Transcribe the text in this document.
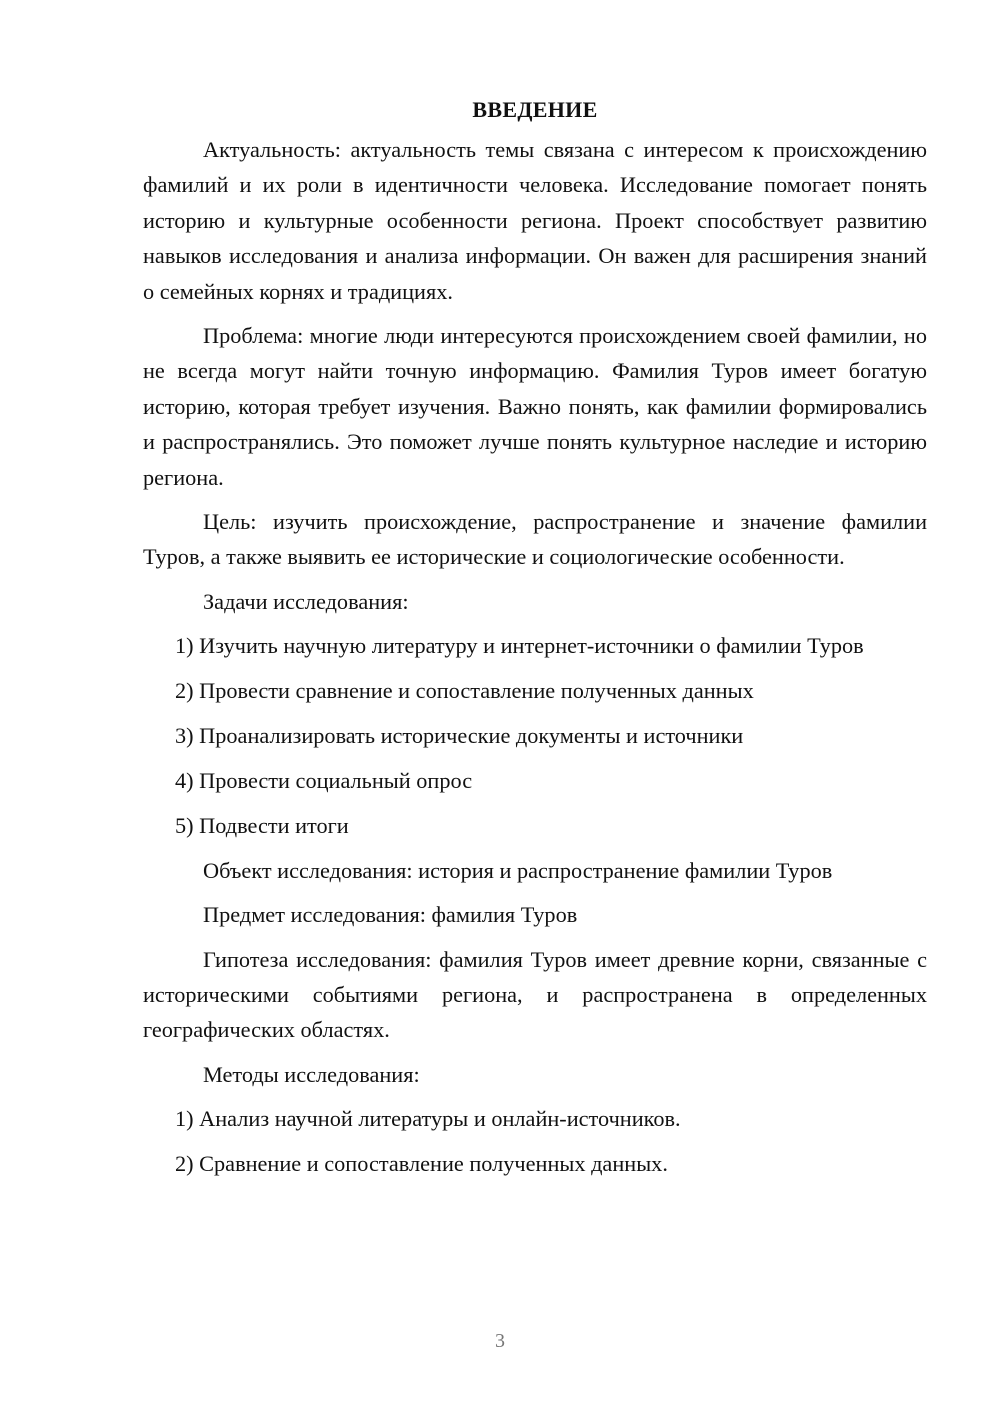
ВВЕДЕНИЕ

Актуальность: актуальность темы связана с интересом к происхождению фамилий и их роли в идентичности человека. Исследование помогает понять историю и культурные особенности региона. Проект способствует развитию навыков исследования и анализа информации. Он важен для расширения знаний о семейных корнях и традициях.

Проблема: многие люди интересуются происхождением своей фамилии, но не всегда могут найти точную информацию. Фамилия Туров имеет богатую историю, которая требует изучения. Важно понять, как фамилии формировались и распространялись. Это поможет лучше понять культурное наследие и историю региона.

Цель: изучить происхождение, распространение и значение фамилии Туров, а также выявить ее исторические и социологические особенности.

Задачи исследования:

1) Изучить научную литературу и интернет-источники о фамилии Туров

2) Провести сравнение и сопоставление полученных данных

3) Проанализировать исторические документы и источники

4) Провести социальный опрос

5) Подвести итоги

Объект исследования: история и распространение фамилии Туров

Предмет исследования: фамилия Туров

Гипотеза исследования: фамилия Туров имеет древние корни, связанные с историческими событиями региона, и распространена в определенных географических областях.

Методы исследования:

1) Анализ научной литературы и онлайн-источников.

2) Сравнение и сопоставление полученных данных.

3
